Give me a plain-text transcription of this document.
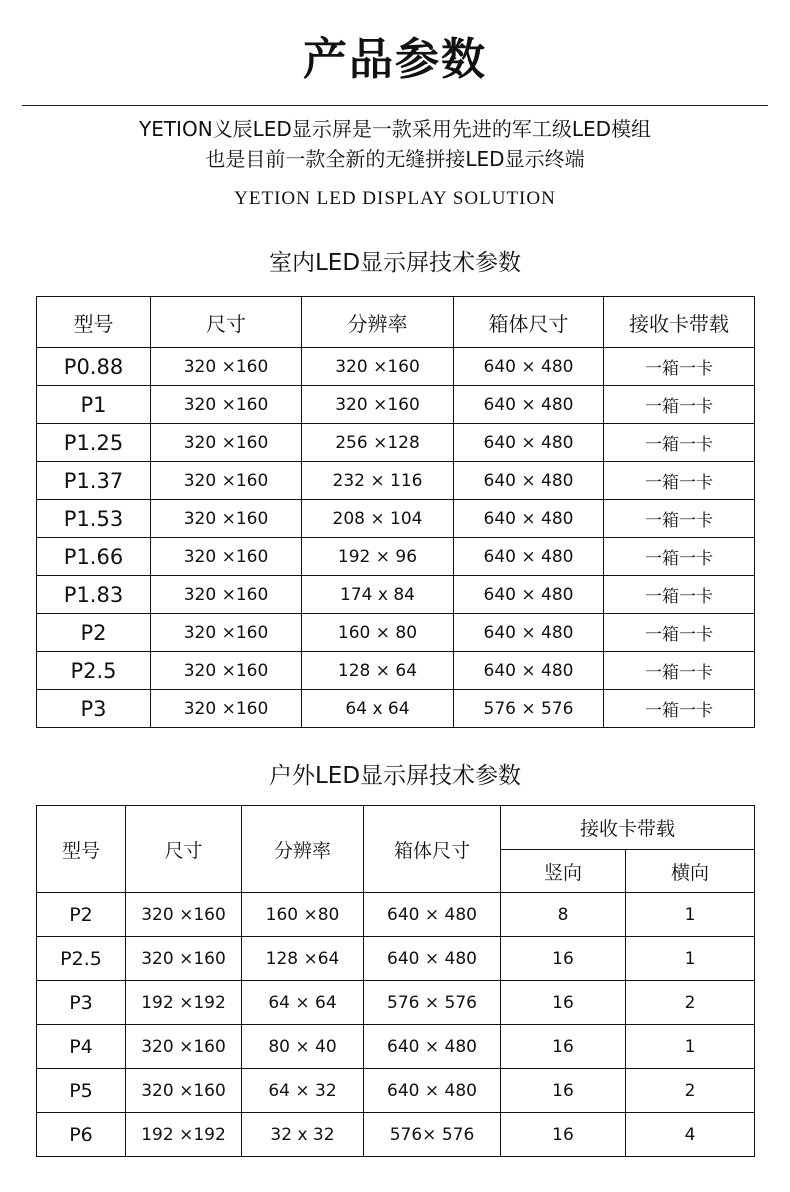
产品参数
YETION义辰LED显示屏是一款采用先进的军工级LED模组
也是目前一款全新的无缝拼接LED显示终端
YETION LED DISPLAY SOLUTION
室内LED显示屏技术参数
型号	尺寸	分辨率	箱体尺寸	接收卡带载
P0.88	320 ×160	320 ×160	640 × 480	一箱一卡
P1	320 ×160	320 ×160	640 × 480	一箱一卡
P1.25	320 ×160	256 ×128	640 × 480	一箱一卡
P1.37	320 ×160	232 × 116	640 × 480	一箱一卡
P1.53	320 ×160	208 × 104	640 × 480	一箱一卡
P1.66	320 ×160	192 × 96	640 × 480	一箱一卡
P1.83	320 ×160	174 x 84	640 × 480	一箱一卡
P2	320 ×160	160 × 80	640 × 480	一箱一卡
P2.5	320 ×160	128 × 64	640 × 480	一箱一卡
P3	320 ×160	64 x 64	576 × 576	一箱一卡
户外LED显示屏技术参数
型号	尺寸	分辨率	箱体尺寸	接收卡带载	
				竖向	横向
P2	320 ×160	160 ×80	640 × 480	8	1
P2.5	320 ×160	128 ×64	640 × 480	16	1
P3	192 ×192	64 × 64	576 × 576	16	2
P4	320 ×160	80 × 40	640 × 480	16	1
P5	320 ×160	64 × 32	640 × 480	16	2
P6	192 ×192	32 x 32	576× 576	16	4
